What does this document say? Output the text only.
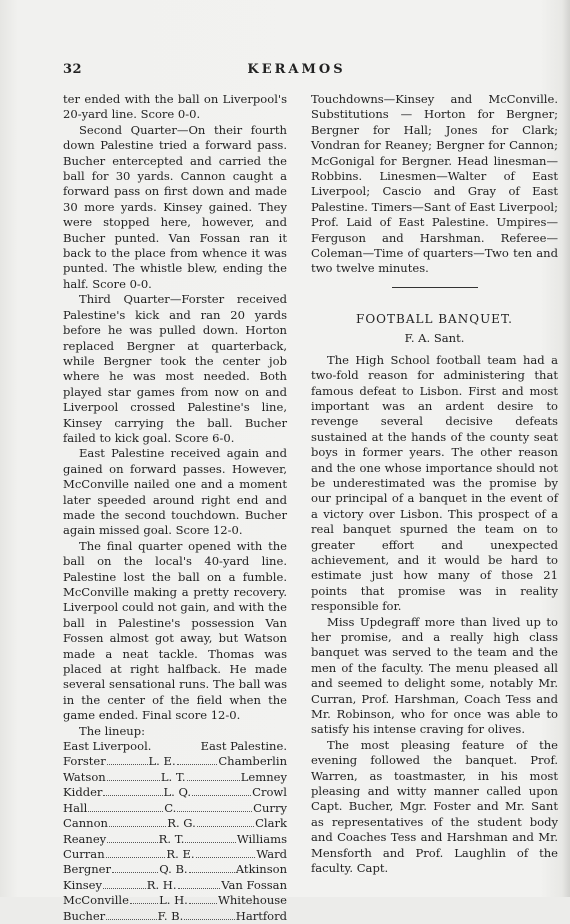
32	KERAMOS

ter ended with the ball on Liverpool's 20-yard line. Score 0-0.

Second Quarter—On their fourth down Palestine tried a forward pass. Bucher entercepted and carried the ball for 30 yards. Cannon caught a forward pass on first down and made 30 more yards. Kinsey gained. They were stopped here, however, and Bucher punted. Van Fossan ran it back to the place from whence it was punted. The whistle blew, ending the half. Score 0-0.

Third Quarter—Forster received Palestine's kick and ran 20 yards before he was pulled down. Horton replaced Bergner at quarterback, while Bergner took the center job where he was most needed. Both played star games from now on and Liverpool crossed Palestine's line, Kinsey carrying the ball. Bucher failed to kick goal. Score 6-0.

East Palestine received again and gained on forward passes. However, McConville nailed one and a moment later speeded around right end and made the second touchdown. Bucher again missed goal. Score 12-0.

The final quarter opened with the ball on the local's 40-yard line. Palestine lost the ball on a fumble. McConville making a pretty recovery. Liverpool could not gain, and with the ball in Palestine's possession Van Fossen almost got away, but Watson made a neat tackle. Thomas was placed at right halfback. He made several sensational runs. The ball was in the center of the field when the game ended. Final score 12-0.

The lineup:

East Liverpool.	East Palestine.

Forster	L. E.	Chamberlin

Watson	L. T.	Lemney

Kidder	L. Q.	Crowl

Hall	C.	Curry

Cannon	R. G.	Clark

Reaney	R. T.	Williams

Curran	R. E.	Ward

Bergner	Q. B.	Atkinson

Kinsey	R. H.	Van Fossan

McConville	L. H.	Whitehouse

Bucher	F. B.	Hartford

Touchdowns—Kinsey and McConville. Substitutions — Horton for Bergner; Bergner for Hall; Jones for Clark; Vondran for Reaney; Bergner for Cannon; McGonigal for Bergner. Head linesman—Robbins. Linesmen—Walter of East Liverpool; Cascio and Gray of East Palestine. Timers—Sant of East Liverpool; Prof. Laid of East Palestine. Umpires—Ferguson and Harshman. Referee—Coleman—Time of quarters—Two ten and two twelve minutes.

FOOTBALL BANQUET.

F. A. Sant.

The High School football team had a two-fold reason for administering that famous defeat to Lisbon. First and most important was an ardent desire to revenge several decisive defeats sustained at the hands of the county seat boys in former years. The other reason and the one whose importance should not be underestimated was the promise by our principal of a banquet in the event of a victory over Lisbon. This prospect of a real banquet spurned the team on to greater effort and unexpected achievement, and it would be hard to estimate just how many of those 21 points that promise was in reality responsible for.

Miss Updegraff more than lived up to her promise, and a really high class banquet was served to the team and the men of the faculty. The menu pleased all and seemed to delight some, notably Mr. Curran, Prof. Harshman, Coach Tess and Mr. Robinson, who for once was able to satisfy his intense craving for olives.

The most pleasing feature of the evening followed the banquet. Prof. Warren, as toastmaster, in his most pleasing and witty manner called upon Capt. Bucher, Mgr. Foster and Mr. Sant as representatives of the student body and Coaches Tess and Harshman and Mr. Mensforth and Prof. Laughlin of the faculty. Capt.
